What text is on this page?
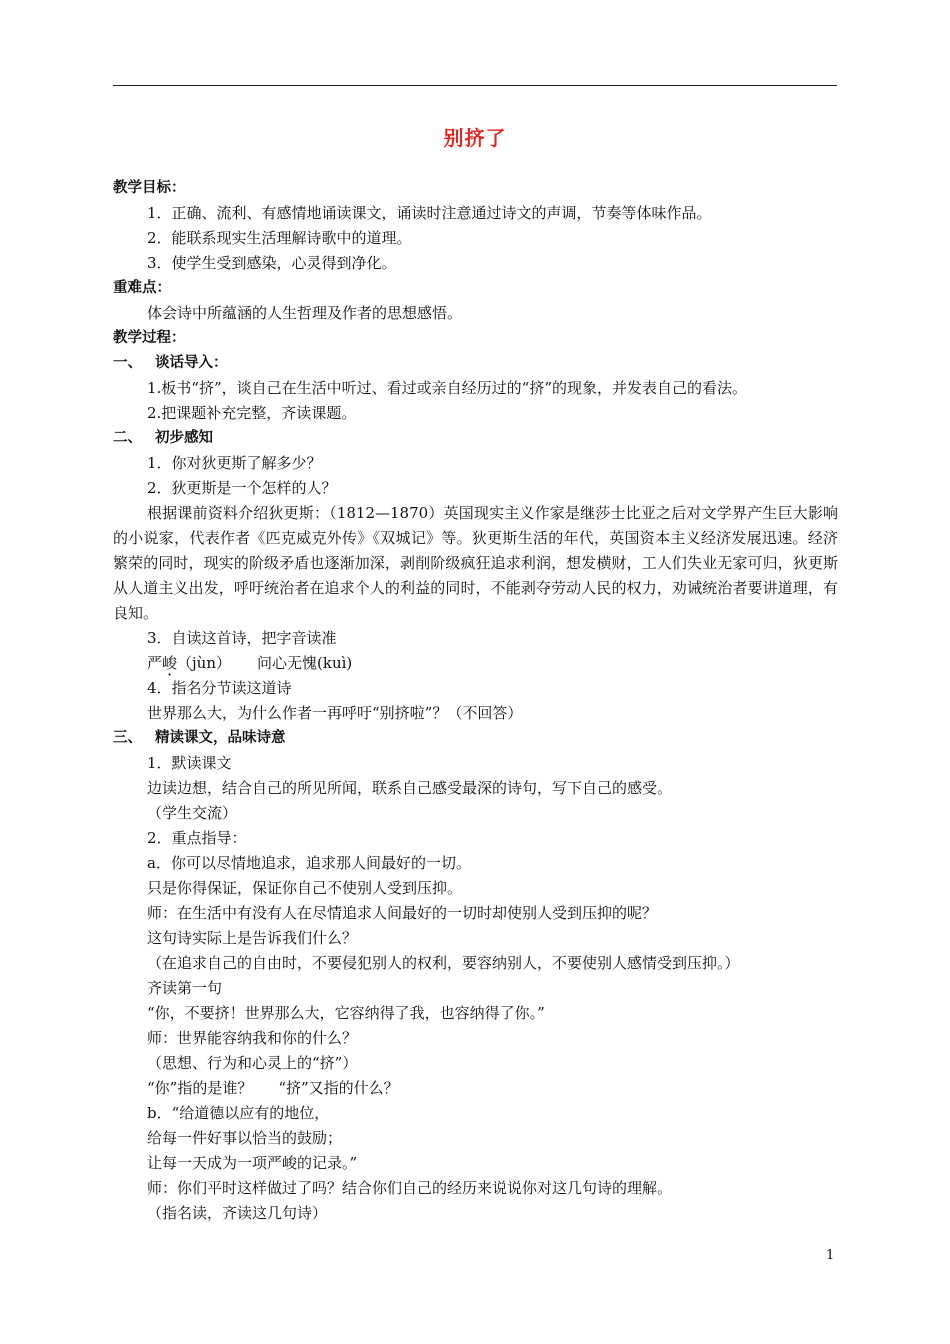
别挤了
教学目标：
1．正确、流利、有感情地诵读课文，诵读时注意通过诗文的声调，节奏等体味作品。
2．能联系现实生活理解诗歌中的道理。
3．使学生受到感染，心灵得到净化。
重难点：
体会诗中所蕴涵的人生哲理及作者的思想感悟。
教学过程：
一、 谈话导入：
1.板书“挤”，谈自己在生活中听过、看过或亲自经历过的“挤”的现象，并发表自己的看法。
2.把课题补充完整，齐读课题。
二、 初步感知
1．你对狄更斯了解多少？
2．狄更斯是一个怎样的人？
根据课前资料介绍狄更斯：（1812—1870）英国现实主义作家是继莎士比亚之后对文学界产生巨大影响的小说家，代表作者《匹克威克外传》《双城记》等。狄更斯生活的年代，英国资本主义经济发展迅速。经济繁荣的同时，现实的阶级矛盾也逐渐加深，剥削阶级疯狂追求利润，想发横财，工人们失业无家可归，狄更斯从人道主义出发，呼吁统治者在追求个人的利益的同时，不能剥夺劳动人民的权力，劝诫统治者要讲道理，有良知。
3．自读这首诗，把字音读准
严峻（jùn） 问心无愧(kuì)
4．指名分节读这道诗
世界那么大，为什么作者一再呼吁“别挤啦”？（不回答）
三、 精读课文，品味诗意
1．默读课文
边读边想，结合自己的所见所闻，联系自己感受最深的诗句，写下自己的感受。
（学生交流）
2．重点指导：
a．你可以尽情地追求，追求那人间最好的一切。
只是你得保证，保证你自己不使别人受到压抑。
师：在生活中有没有人在尽情追求人间最好的一切时却使别人受到压抑的呢？
这句诗实际上是告诉我们什么？
（在追求自己的自由时，不要侵犯别人的权利，要容纳别人，不要使别人感情受到压抑。）
齐读第一句
“你，不要挤！世界那么大，它容纳得了我，也容纳得了你。”
师：世界能容纳我和你的什么？
（思想、行为和心灵上的“挤”）
“你”指的是谁？ “挤”又指的什么？
b．“给道德以应有的地位，
给每一件好事以恰当的鼓励；
让每一天成为一项严峻的记录。”
师：你们平时这样做过了吗？结合你们自己的经历来说说你对这几句诗的理解。
（指名读，齐读这几句诗）
1
